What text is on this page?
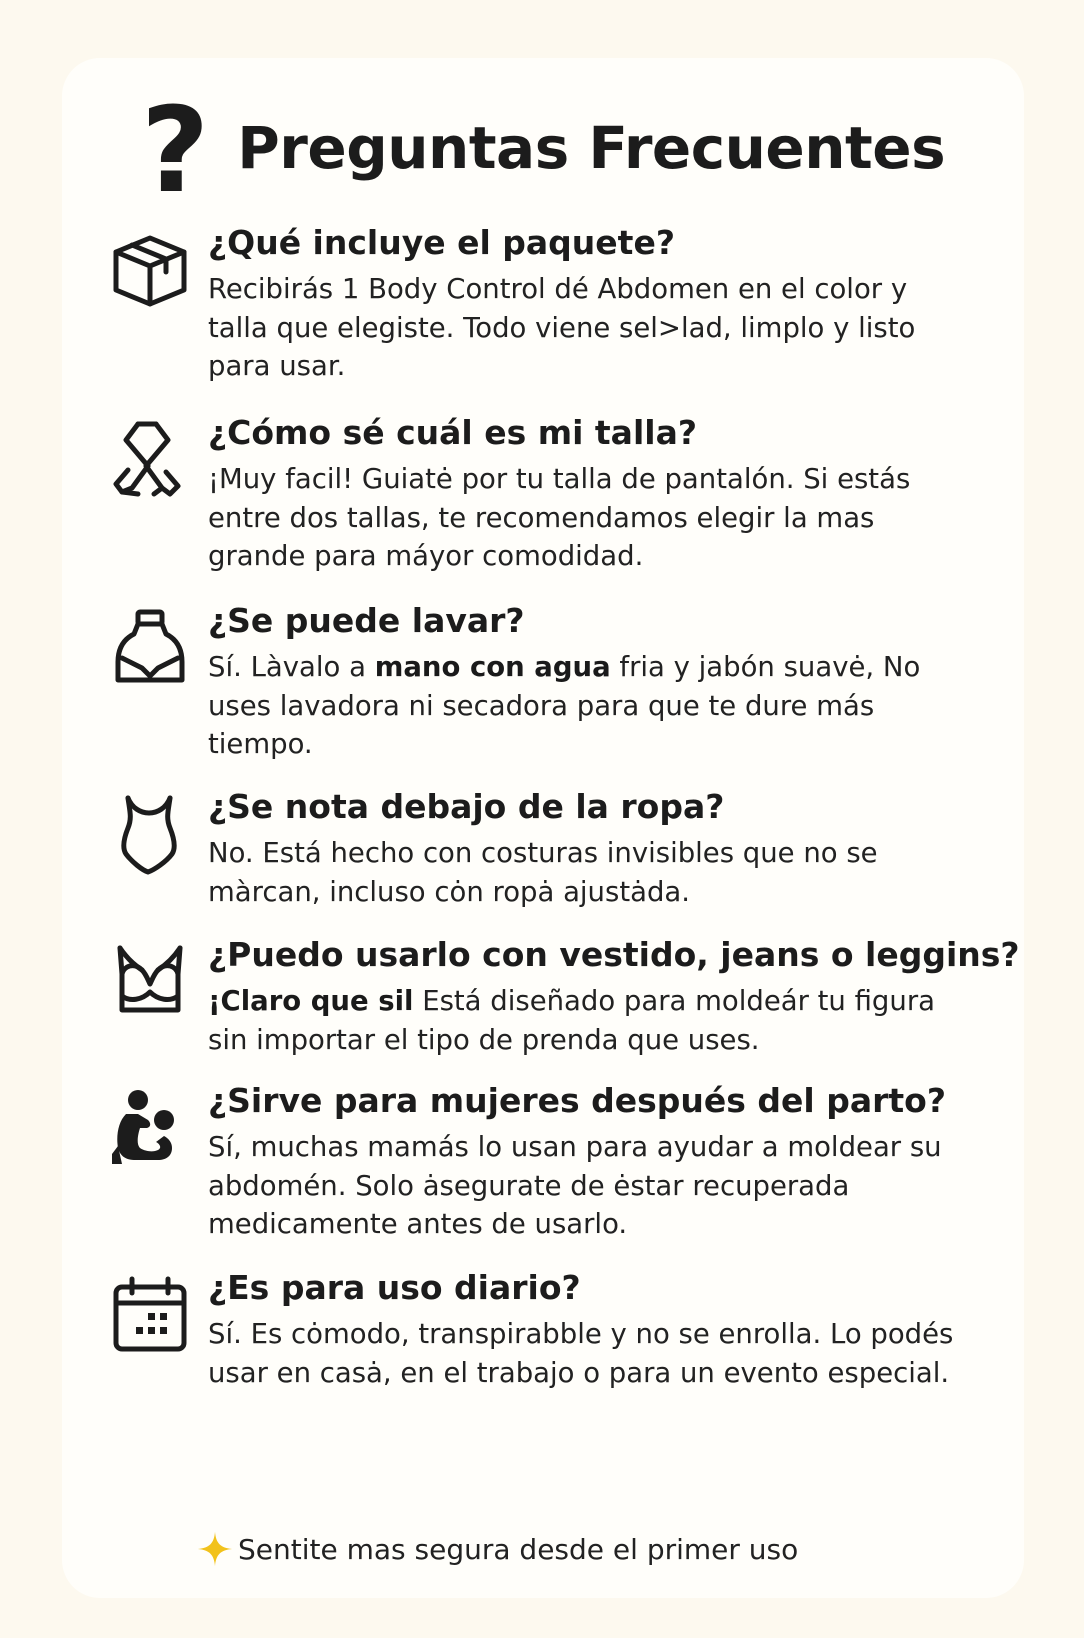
? Preguntas Frecuentes
¿Qué incluye el paquete?
Recibirás 1 Body Control dé Abdomen en el color y talla que elegiste. Todo viene sel>lad, limplo y listo para usar.
¿Cómo sé cuál es mi talla?
¡Muy facil! Guiatė por tu talla de pantalón. Si estás entre dos tallas, te recomendamos elegir la mas grande para máyor comodidad.
¿Se puede lavar?
Sí. Làvalo a mano con agua fria y jabón suavė, No uses lavadora ni secadora para que te dure más tiempo.
¿Se nota debajo de la ropa?
No. Está hecho con costuras invisibles que no se màrcan, incluso cȯn ropȧ ajustȧda.
¿Puedo usarlo con vestido, jeans o leggins?
¡Claro que sil Está diseñado para moldeár tu figura sin importar el tipo de prenda que uses.
¿Sirve para mujeres después del parto?
Sí, muchas mamás lo usan para ayudar a moldear su abdomén. Solo ȧsegurate de ėstar recuperada medicamente antes de usarlo.
¿Es para uso diario?
Sí. Es cȯmodo, transpirabble y no se enrolla. Lo podés usar en casȧ, en el trabajo o para un evento especial.
Sentite mas segura desde el primer uso
